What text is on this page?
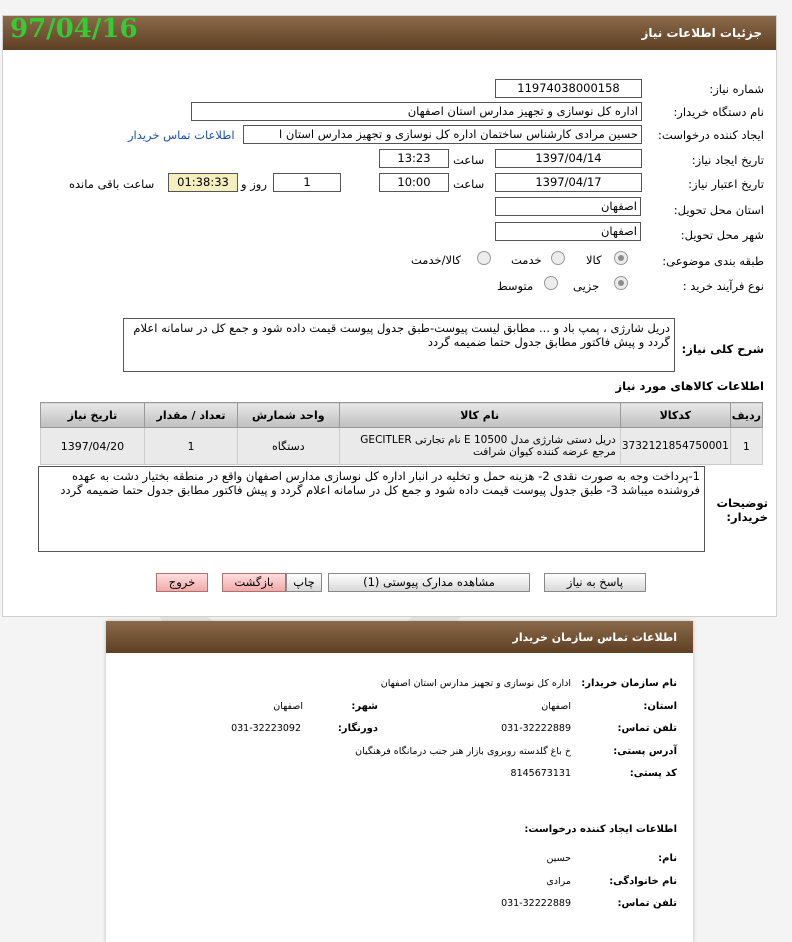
97/04/16	جزئیات اطلاعات نیاز
شماره نیاز:
11974038000158
نام دستگاه خریدار:
اداره کل نوسازی و تجهیز مدارس استان اصفهان
ایجاد کننده درخواست:
حسین مرادی کارشناس ساختمان اداره کل نوسازی و تجهیز مدارس استان ا
اطلاعات تماس خریدار
تاریخ ایجاد نیاز:
1397/04/14
ساعت
13:23
تاریخ اعتبار نیاز:
1397/04/17
ساعت
10:00
1
روز و
01:38:33
ساعت باقی مانده
استان محل تحویل:
اصفهان
شهر محل تحویل:
اصفهان
طبقه بندی موضوعی:
کالا
خدمت
کالا/خدمت
نوع فرآیند خرید :
جزیی
متوسط
شرح کلی نیاز:
دریل شارژی ، پمپ باد و ... مطابق لیست پیوست-طبق جدول پیوست قیمت داده شود و جمع کل در سامانه اعلام گردد و پیش فاکتور مطابق جدول حتما ضمیمه گردد
اطلاعات کالاهای مورد نیاز
تاریخ نیاز	تعداد / مقدار	واحد شمارش	نام کالا	کدکالا	ردیف
1397/04/20	1	دستگاه	دریل دستی شارژی مدل E 10500 نام تجارتی GECITLER مرجع عرضه کننده کیوان شرافت	3732121854750001	1
توضیحات خریدار:
1-پرداخت وجه به صورت نقدی 2- هزینه حمل و تخلیه در انبار اداره کل نوسازی مدارس اصفهان واقع در منطقه بختیار دشت به عهده فروشنده میباشد 3- طبق جدول پیوست قیمت داده شود و جمع کل در سامانه اعلام گردد و پیش فاکتور مطابق جدول حتما ضمیمه گردد
پاسخ به نیاز
مشاهده مدارک پیوستی (1)
چاپ
بازگشت
خروج
اطلاعات تماس سازمان خریدار
نام سازمان خریدار:
اداره کل نوسازی و تجهیز مدارس استان اصفهان
استان:
اصفهان
شهر:
اصفهان
تلفن تماس:
031-32222889
دورنگار:
031-32223092
آدرس پستی:
خ باغ گلدسته روبروی بازار هنر جنب درمانگاه فرهنگیان
کد پستی:
8145673131
اطلاعات ایجاد کننده درخواست:
نام:
حسین
نام خانوادگی:
مرادی
تلفن تماس:
031-32222889
